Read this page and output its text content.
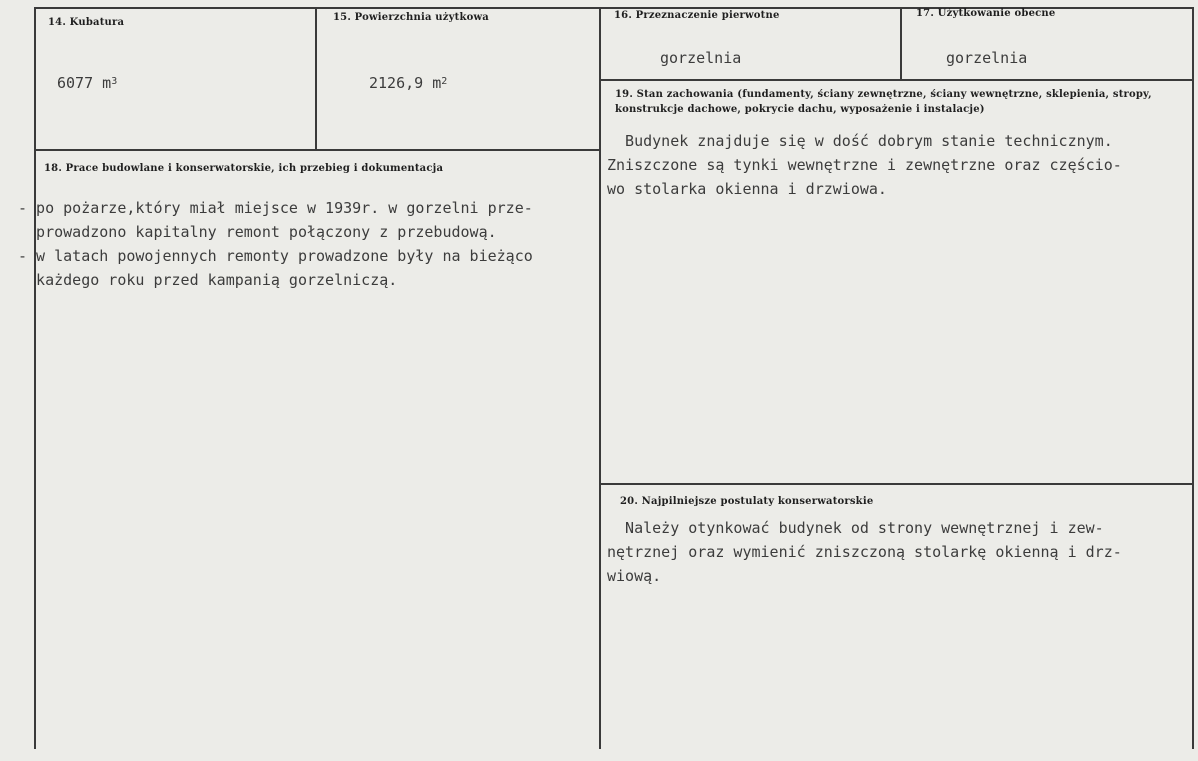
14. Kubatura
6077 $m^3$
15. Powierzchnia użytkowa
2126,9 $m^2$
16. Przeznaczenie pierwotne
gorzelnia
17. Użytkowanie obecne
gorzelnia
19. Stan zachowania (fundamenty, ściany zewnętrzne, ściany wewnętrzne, sklepienia, stropy, konstrukcje dachowe, pokrycie dachu, wyposażenie i instalacje)
Budynek znajduje się w dość dobrym stanie technicznym.
Zniszczone są tynki wewnętrzne i zewnętrzne oraz częścio-
wo stolarka okienna i drzwiowa.
18. Prace budowlane i konserwatorskie, ich przebieg i dokumentacja
- po pożarze,który miał miejsce w 1939r. w gorzelni prze-
prowadzono kapitalny remont połączony z przebudową.
- w latach powojennych remonty prowadzone były na bieżąco
każdego roku przed kampanią gorzelniczą.
20. Najpilniejsze postulaty konserwatorskie
Należy otynkować budynek od strony wewnętrznej i zew-
nętrznej oraz wymienić zniszczoną stolarkę okienną i drz-
wiową.
